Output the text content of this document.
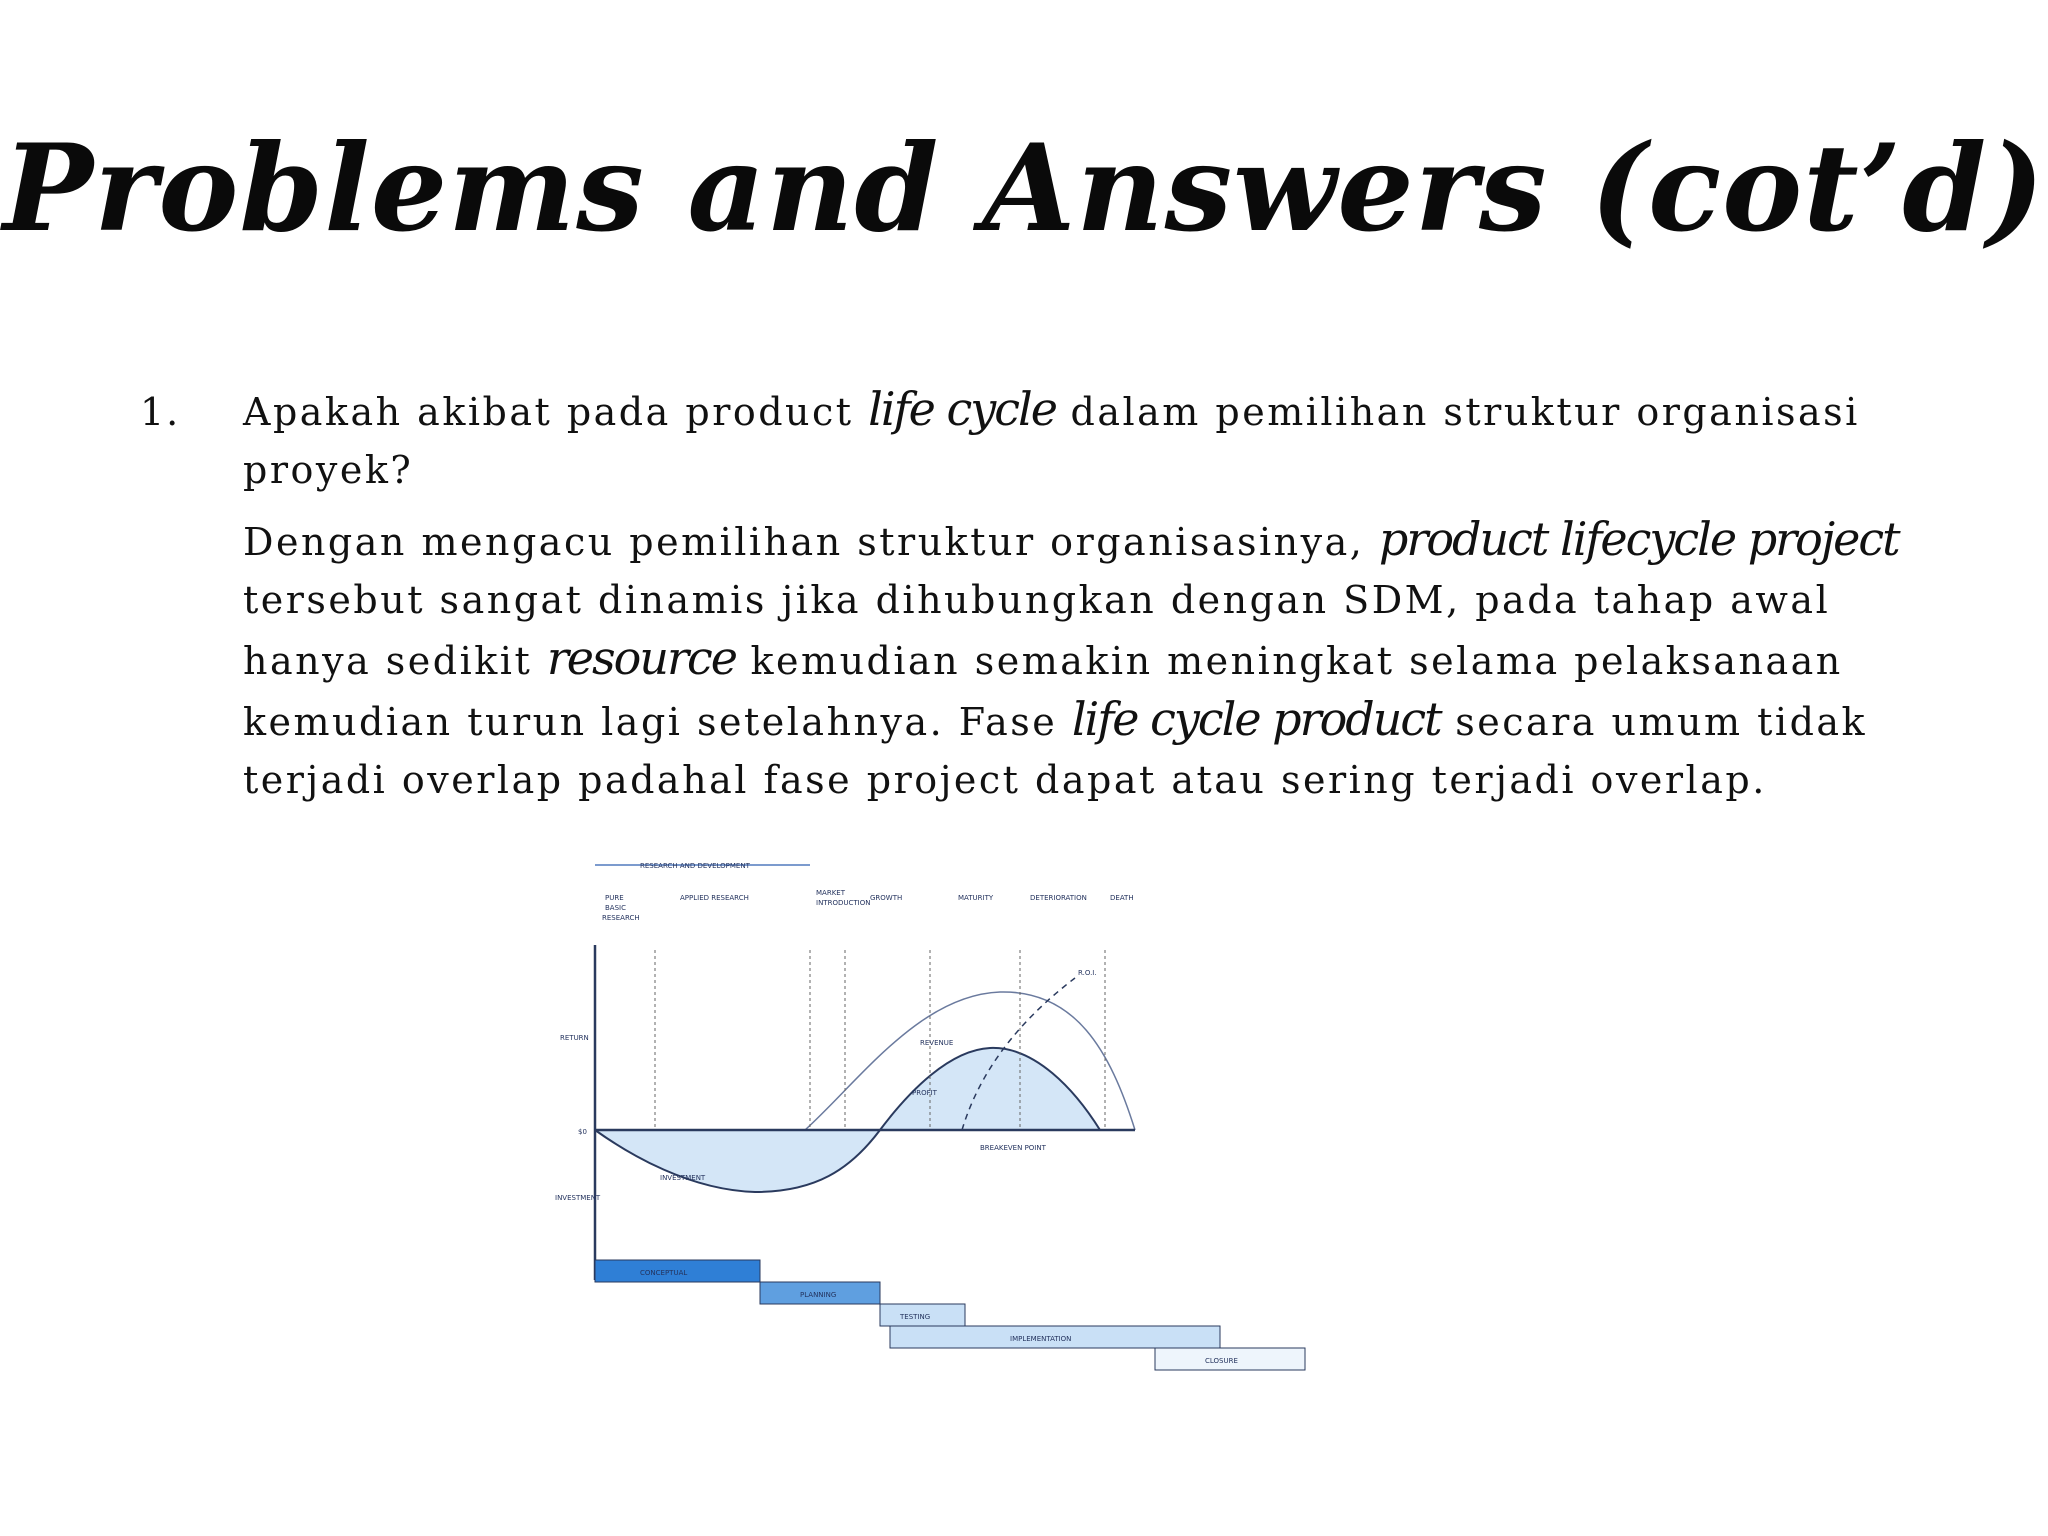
Problems and Answers (cot’d)
1. Apakah akibat pada product life cycle dalam pemilihan struktur organisasi proyek?

Dengan mengacu pemilihan struktur organisasinya, product lifecycle project tersebut sangat dinamis jika dihubungkan dengan SDM, pada tahap awal hanya sedikit resource kemudian semakin meningkat selama pelaksanaan kemudian turun lagi setelahnya. Fase life cycle product secara umum tidak terjadi overlap padahal fase project dapat atau sering terjadi overlap.

RESEARCH AND DEVELOPMENT
PURE
BASIC
RESEARCH
APPLIED RESEARCH
MARKET
INTRODUCTION
GROWTH	MATURITY	DETERIORATION	DEATH
RETURN
INVESTMENT
$0
REVENUE
PROFIT
INVESTMENT
R.O.I.
BREAKEVEN POINT
CONCEPTUAL
PLANNING
TESTING
IMPLEMENTATION
CLOSURE
